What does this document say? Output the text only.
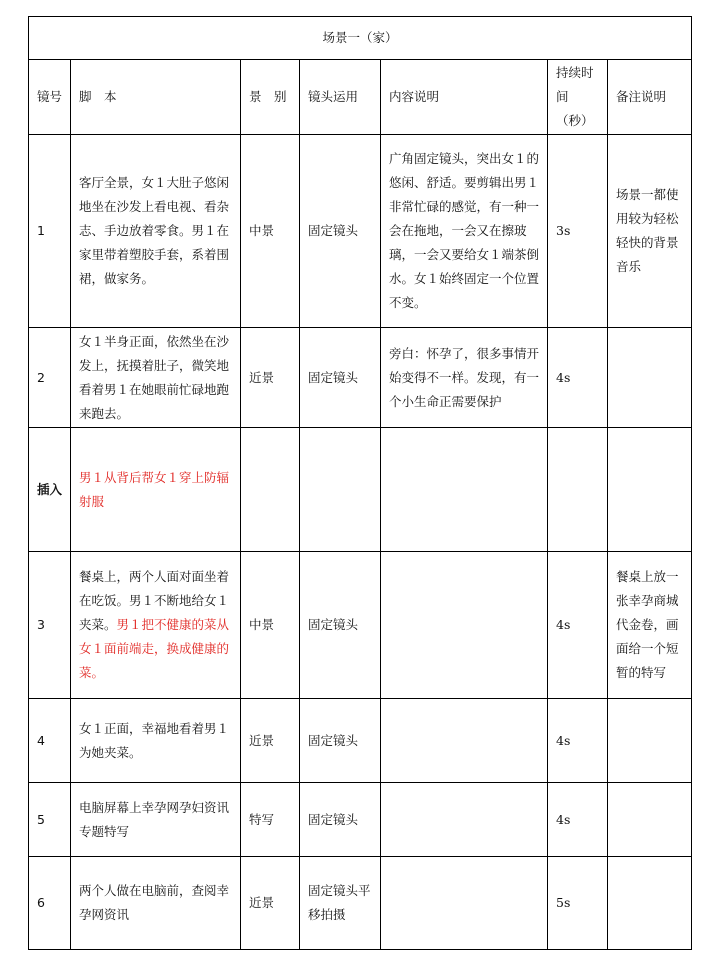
场景一（家）						
镜号	脚　本	景　别	镜头运用	内容说明	持续时间（秒）	备注说明
1	客厅全景，女１大肚子悠闲地坐在沙发上看电视、看杂志、手边放着零食。男１在家里带着塑胶手套，系着围裙，做家务。	中景	固定镜头	广角固定镜头，突出女１的悠闲、舒适。要剪辑出男１非常忙碌的感觉，有一种一会在拖地，一会又在擦玻璃，一会又要给女１端茶倒水。女１始终固定一个位置不变。	3s	场景一都使用较为轻松轻快的背景音乐
2	女１半身正面，依然坐在沙发上，抚摸着肚子，微笑地看着男１在她眼前忙碌地跑来跑去。	近景	固定镜头	旁白：怀孕了，很多事情开始变得不一样。发现，有一个小生命正需要保护	4s	
插入	男１从背后帮女１穿上防辐射服					
3	餐桌上，两个人面对面坐着在吃饭。男１不断地给女１夹菜。男１把不健康的菜从女１面前端走，换成健康的菜。	中景	固定镜头		4s	餐桌上放一张幸孕商城代金卷，画面给一个短暂的特写
4	女１正面，幸福地看着男１为她夹菜。	近景	固定镜头		4s	
5	电脑屏幕上幸孕网孕妇资讯专题特写	特写	固定镜头		4s	
6	两个人做在电脑前，查阅幸孕网资讯	近景	固定镜头平移拍摄		5s	
